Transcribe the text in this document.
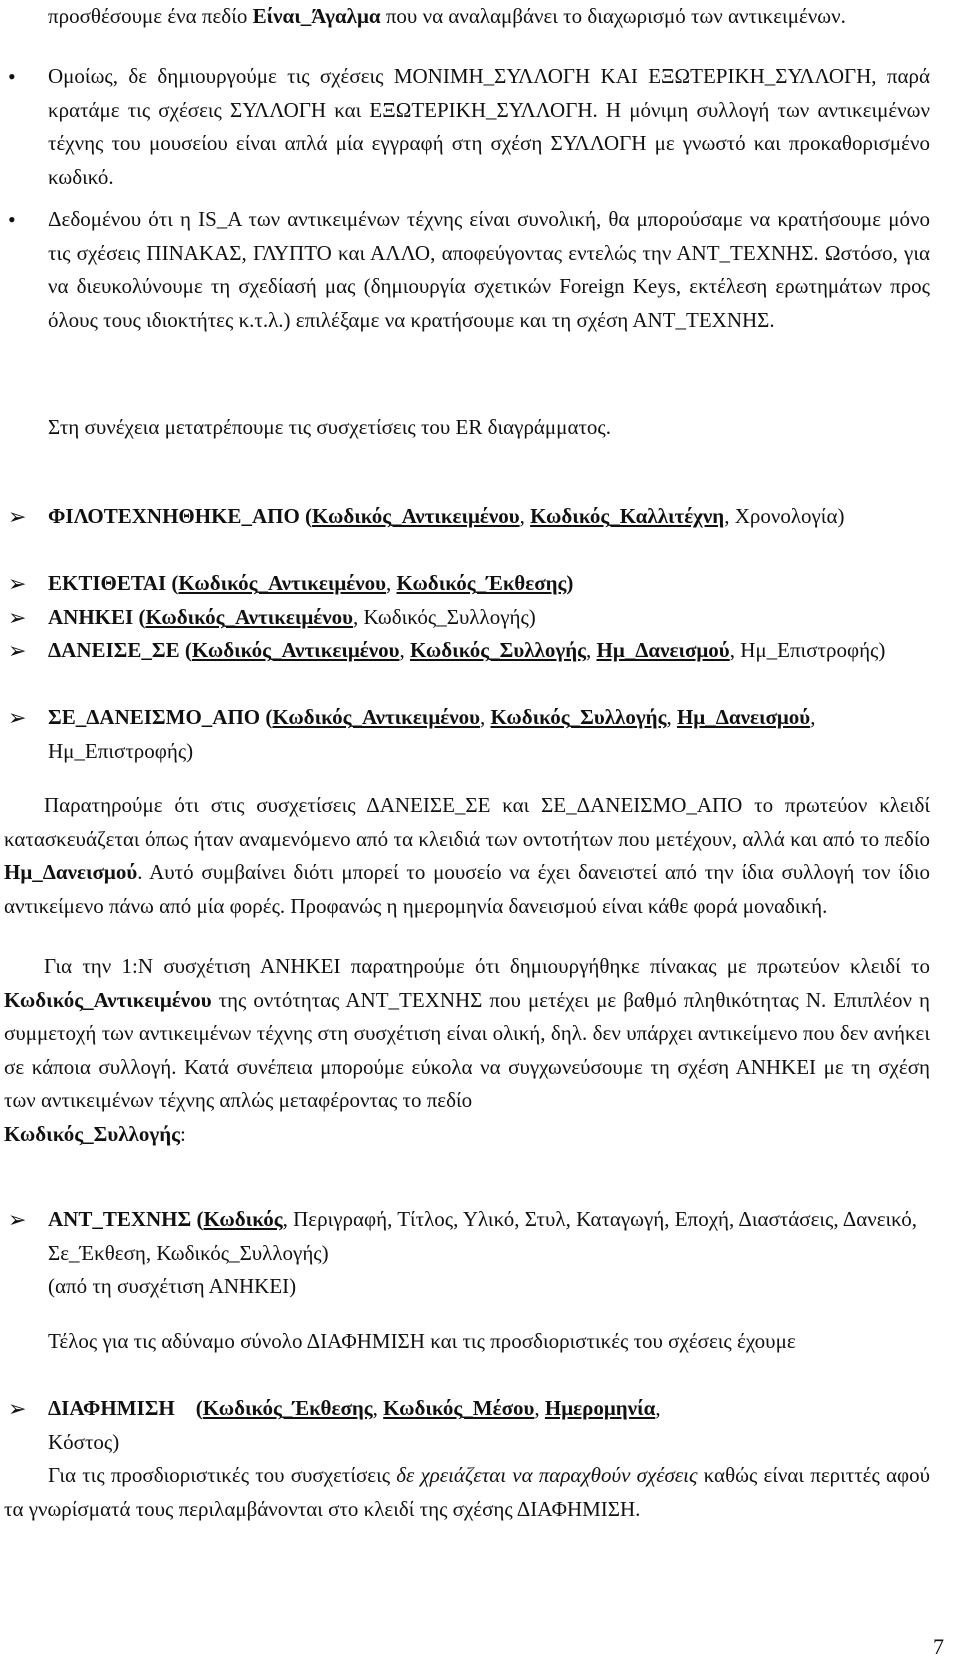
προσθέσουμε ένα πεδίο Είναι_Άγαλμα που να αναλαμβάνει το διαχωρισμό των αντικειμένων.
• Ομοίως, δε δημιουργούμε τις σχέσεις ΜΟΝΙΜΗ_ΣΥΛΛΟΓΗ ΚΑΙ ΕΞΩΤΕΡΙΚΗ_ΣΥΛΛΟΓΗ, παρά κρατάμε τις σχέσεις ΣΥΛΛΟΓΗ και ΕΞΩΤΕΡΙΚΗ_ΣΥΛΛΟΓΗ. Η μόνιμη συλλογή των αντικειμένων τέχνης του μουσείου είναι απλά μία εγγραφή στη σχέση ΣΥΛΛΟΓΗ με γνωστό και προκαθορισμένο κωδικό.
• Δεδομένου ότι η IS_A των αντικειμένων τέχνης είναι συνολική, θα μπορούσαμε να κρατήσουμε μόνο τις σχέσεις ΠΙΝΑΚΑΣ, ΓΛΥΠΤΟ και ΑΛΛΟ, αποφεύγοντας εντελώς την ΑΝΤ_ΤΕΧΝΗΣ. Ωστόσο, για να διευκολύνουμε τη σχεδίασή μας (δημιουργία σχετικών Foreign Keys, εκτέλεση ερωτημάτων προς όλους τους ιδιοκτήτες κ.τ.λ.) επιλέξαμε να κρατήσουμε και τη σχέση ΑΝΤ_ΤΕΧΝΗΣ.
Στη συνέχεια μετατρέπουμε τις συσχετίσεις του ER διαγράμματος.
➢ ΦΙΛΟΤΕΧΝΗΘΗΚΕ_ΑΠΟ (Κωδικός_Αντικειμένου, Κωδικός_Καλλιτέχνη, Χρονολογία)
➢ ΕΚΤΙΘΕΤΑΙ (Κωδικός_Αντικειμένου, Κωδικός_Έκθεσης)
➢ ΑΝΗΚΕΙ (Κωδικός_Αντικειμένου, Κωδικός_Συλλογής)
➢ ΔΑΝΕΙΣΕ_ΣΕ (Κωδικός_Αντικειμένου, Κωδικός_Συλλογής, Ημ_Δανεισμού, Ημ_Επιστροφής)
➢ ΣΕ_ΔΑΝΕΙΣΜΟ_ΑΠΟ (Κωδικός_Αντικειμένου, Κωδικός_Συλλογής, Ημ_Δανεισμού, Ημ_Επιστροφής)
Παρατηρούμε ότι στις συσχετίσεις ΔΑΝΕΙΣΕ_ΣΕ και ΣΕ_ΔΑΝΕΙΣΜΟ_ΑΠΟ το πρωτεύον κλειδί κατασκευάζεται όπως ήταν αναμενόμενο από τα κλειδιά των οντοτήτων που μετέχουν, αλλά και από το πεδίο Ημ_Δανεισμού. Αυτό συμβαίνει διότι μπορεί το μουσείο να έχει δανειστεί από την ίδια συλλογή τον ίδιο αντικείμενο πάνω από μία φορές. Προφανώς η ημερομηνία δανεισμού είναι κάθε φορά μοναδική.
Για την 1:Ν συσχέτιση ΑΝΗΚΕΙ παρατηρούμε ότι δημιουργήθηκε πίνακας με πρωτεύον κλειδί το Κωδικός_Αντικειμένου της οντότητας ΑΝΤ_ΤΕΧΝΗΣ που μετέχει με βαθμό πληθικότητας Ν. Επιπλέον η συμμετοχή των αντικειμένων τέχνης στη συσχέτιση είναι ολική, δηλ. δεν υπάρχει αντικείμενο που δεν ανήκει σε κάποια συλλογή. Κατά συνέπεια μπορούμε εύκολα να συγχωνεύσουμε τη σχέση ΑΝΗΚΕΙ με τη σχέση των αντικειμένων τέχνης απλώς μεταφέροντας το πεδίο
Κωδικός_Συλλογής:
➢ ΑΝΤ_ΤΕΧΝΗΣ (Κωδικός, Περιγραφή, Τίτλος, Υλικό, Στυλ, Καταγωγή, Εποχή, Διαστάσεις, Δανεικό, Σε_Έκθεση, Κωδικός_Συλλογής)
(από τη συσχέτιση ΑΝΗΚΕΙ)
Τέλος για τις αδύναμο σύνολο ΔΙΑΦΗΜΙΣΗ και τις προσδιοριστικές του σχέσεις έχουμε
➢ ΔΙΑΦΗΜΙΣΗ    (Κωδικός_Έκθεσης, Κωδικός_Μέσου, Ημερομηνία,
Κόστος)
Για τις προσδιοριστικές του συσχετίσεις δε χρειάζεται να παραχθούν σχέσεις καθώς είναι περιττές αφού τα γνωρίσματά τους περιλαμβάνονται στο κλειδί της σχέσης ΔΙΑΦΗΜΙΣΗ.
7
